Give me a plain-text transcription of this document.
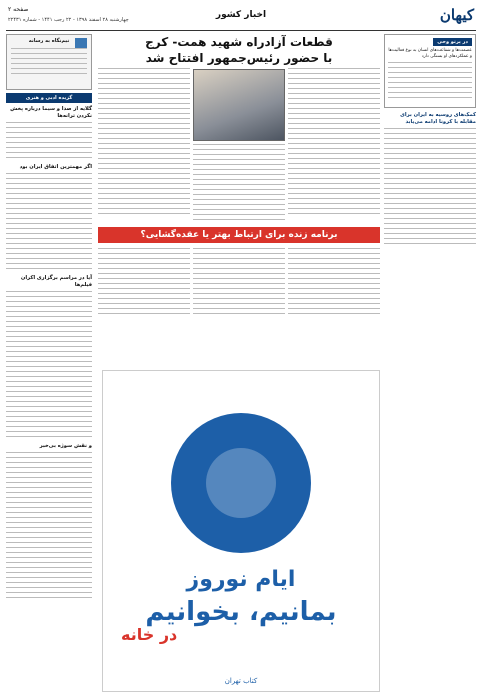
کیهان
اخبار کشور
صفحه ۲
چهارشنبه ۲۸ اسفند ۱۳۹۸ - ۲۲ رجب ۱۴۴۱ - شماره ۲۲۴۳۱
در پرتو وحی
عصمت‌ها و شفاعت‌های انسان به نوع فعالیت‌ها و عملکردهای او بستگی دارد
کمک‌های روسیه به ایران برای مقابله با کرونا ادامه می‌یابد
نیم‌نگاه به رسانه
گزیده ادبی و هنری
گلایه از صدا و سیما درباره پخش نکردن ترانه‌ها
اگر مهمترین اتفاق ایران بود
آیا در مراسم برگزاری اکران فیلم‌ها
و نقش سوژه بی‌خبر
قطعات آزادراه شهید همت- کرج
با حضور رئیس‌جمهور افتتاح شد
برنامه زنده برای ارتباط بهتر یا عقده‌گشایی؟
ایام نوروز
بمانیم، بخوانیم
در خانه
کتاب تهران
